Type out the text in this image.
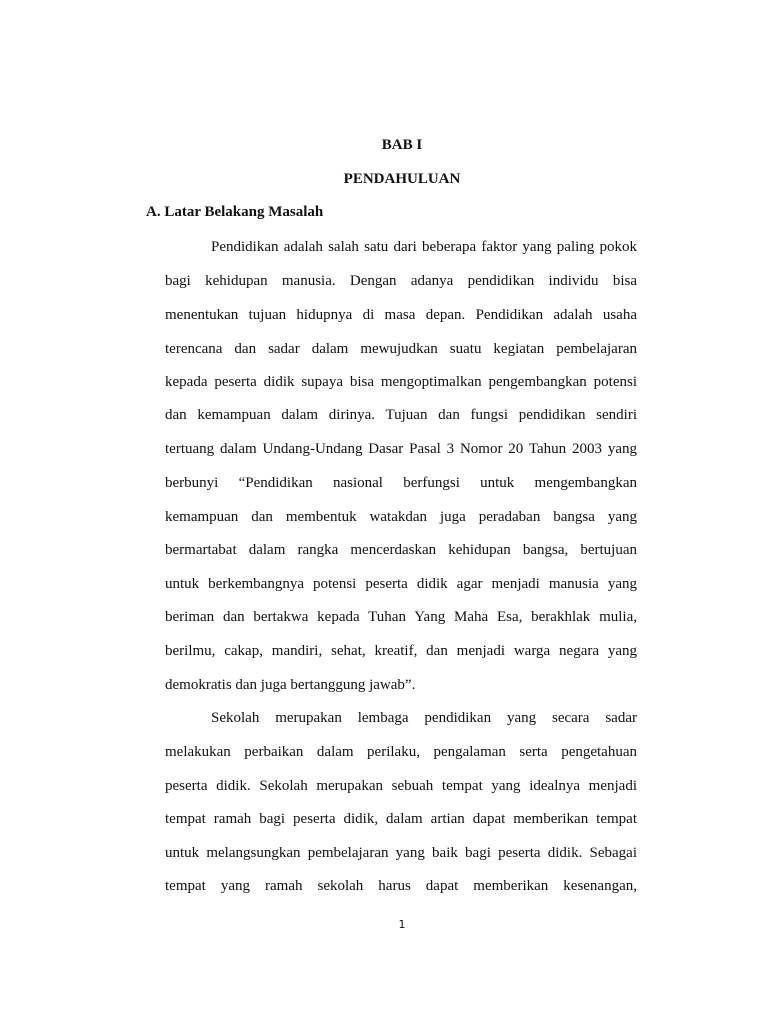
BAB I
PENDAHULUAN
A. Latar Belakang Masalah
Pendidikan adalah salah satu dari beberapa faktor yang paling pokok
bagi kehidupan manusia. Dengan adanya pendidikan individu bisa
menentukan tujuan hidupnya di masa depan. Pendidikan adalah usaha
terencana dan sadar dalam mewujudkan suatu kegiatan pembelajaran
kepada peserta didik supaya bisa mengoptimalkan pengembangkan potensi
dan kemampuan dalam dirinya. Tujuan dan fungsi pendidikan sendiri
tertuang dalam Undang-Undang Dasar Pasal 3 Nomor 20 Tahun 2003 yang
berbunyi “Pendidikan nasional berfungsi untuk mengembangkan
kemampuan dan membentuk watakdan juga peradaban bangsa yang
bermartabat dalam rangka mencerdaskan kehidupan bangsa, bertujuan
untuk berkembangnya potensi peserta didik agar menjadi manusia yang
beriman dan bertakwa kepada Tuhan Yang Maha Esa, berakhlak mulia,
berilmu, cakap, mandiri, sehat, kreatif, dan menjadi warga negara yang
demokratis dan juga bertanggung jawab”.
Sekolah merupakan lembaga pendidikan yang secara sadar
melakukan perbaikan dalam perilaku, pengalaman serta pengetahuan
peserta didik. Sekolah merupakan sebuah tempat yang idealnya menjadi
tempat ramah bagi peserta didik, dalam artian dapat memberikan tempat
untuk melangsungkan pembelajaran yang baik bagi peserta didik. Sebagai
tempat yang ramah sekolah harus dapat memberikan kesenangan,
1
